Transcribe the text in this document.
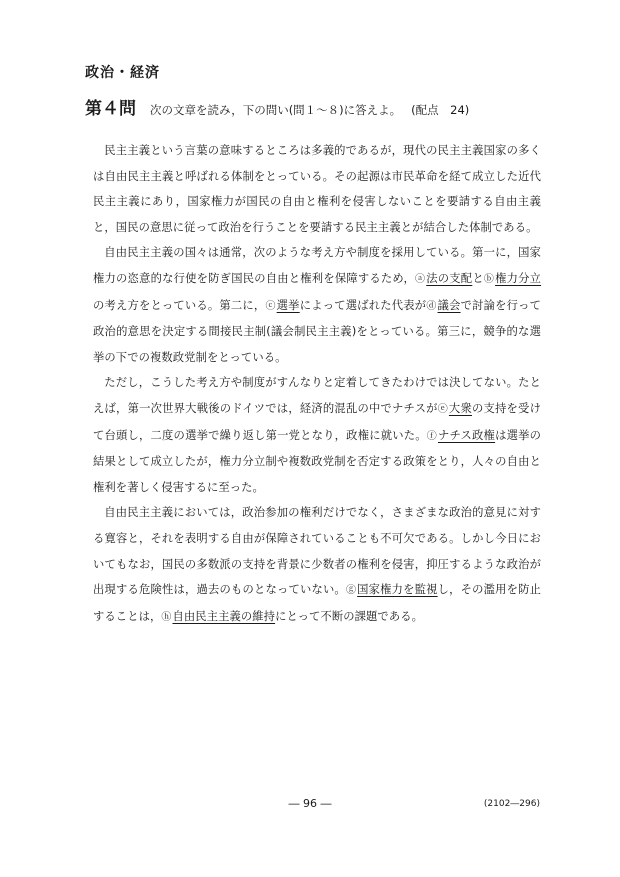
政治・経済
第４問 次の文章を読み，下の問い(問１～８)に答えよ。 (配点　24)

民主主義という言葉の意味するところは多義的であるが，現代の民主主義国家の多くは自由民主主義と呼ばれる体制をとっている。その起源は市民革命を経て成立した近代民主主義にあり，国家権力が国民の自由と権利を侵害しないことを要請する自由主義と，国民の意思に従って政治を行うことを要請する民主主義とが結合した体制である。

自由民主主義の国々は通常，次のような考え方や制度を採用している。第一に，国家権力の恣意的な行使を防ぎ国民の自由と権利を保障するため，ⓐ法の支配とⓑ権力分立の考え方をとっている。第二に，ⓒ選挙によって選ばれた代表がⓓ議会で討論を行って政治的意思を決定する間接民主制(議会制民主主義)をとっている。第三に，競争的な選挙の下での複数政党制をとっている。

ただし，こうした考え方や制度がすんなりと定着してきたわけでは決してない。たとえば，第一次世界大戦後のドイツでは，経済的混乱の中でナチスがⓔ大衆の支持を受けて台頭し，二度の選挙で繰り返し第一党となり，政権に就いた。ⓕナチス政権は選挙の結果として成立したが，権力分立制や複数政党制を否定する政策をとり，人々の自由と権利を著しく侵害するに至った。

自由民主主義においては，政治参加の権利だけでなく，さまざまな政治的意見に対する寛容と，それを表明する自由が保障されていることも不可欠である。しかし今日においてもなお，国民の多数派の支持を背景に少数者の権利を侵害，抑圧するような政治が出現する危険性は，過去のものとなっていない。ⓖ国家権力を監視し，その濫用を防止することは，ⓗ自由民主主義の維持にとって不断の課題である。

― 96 ―	(2102―296)
